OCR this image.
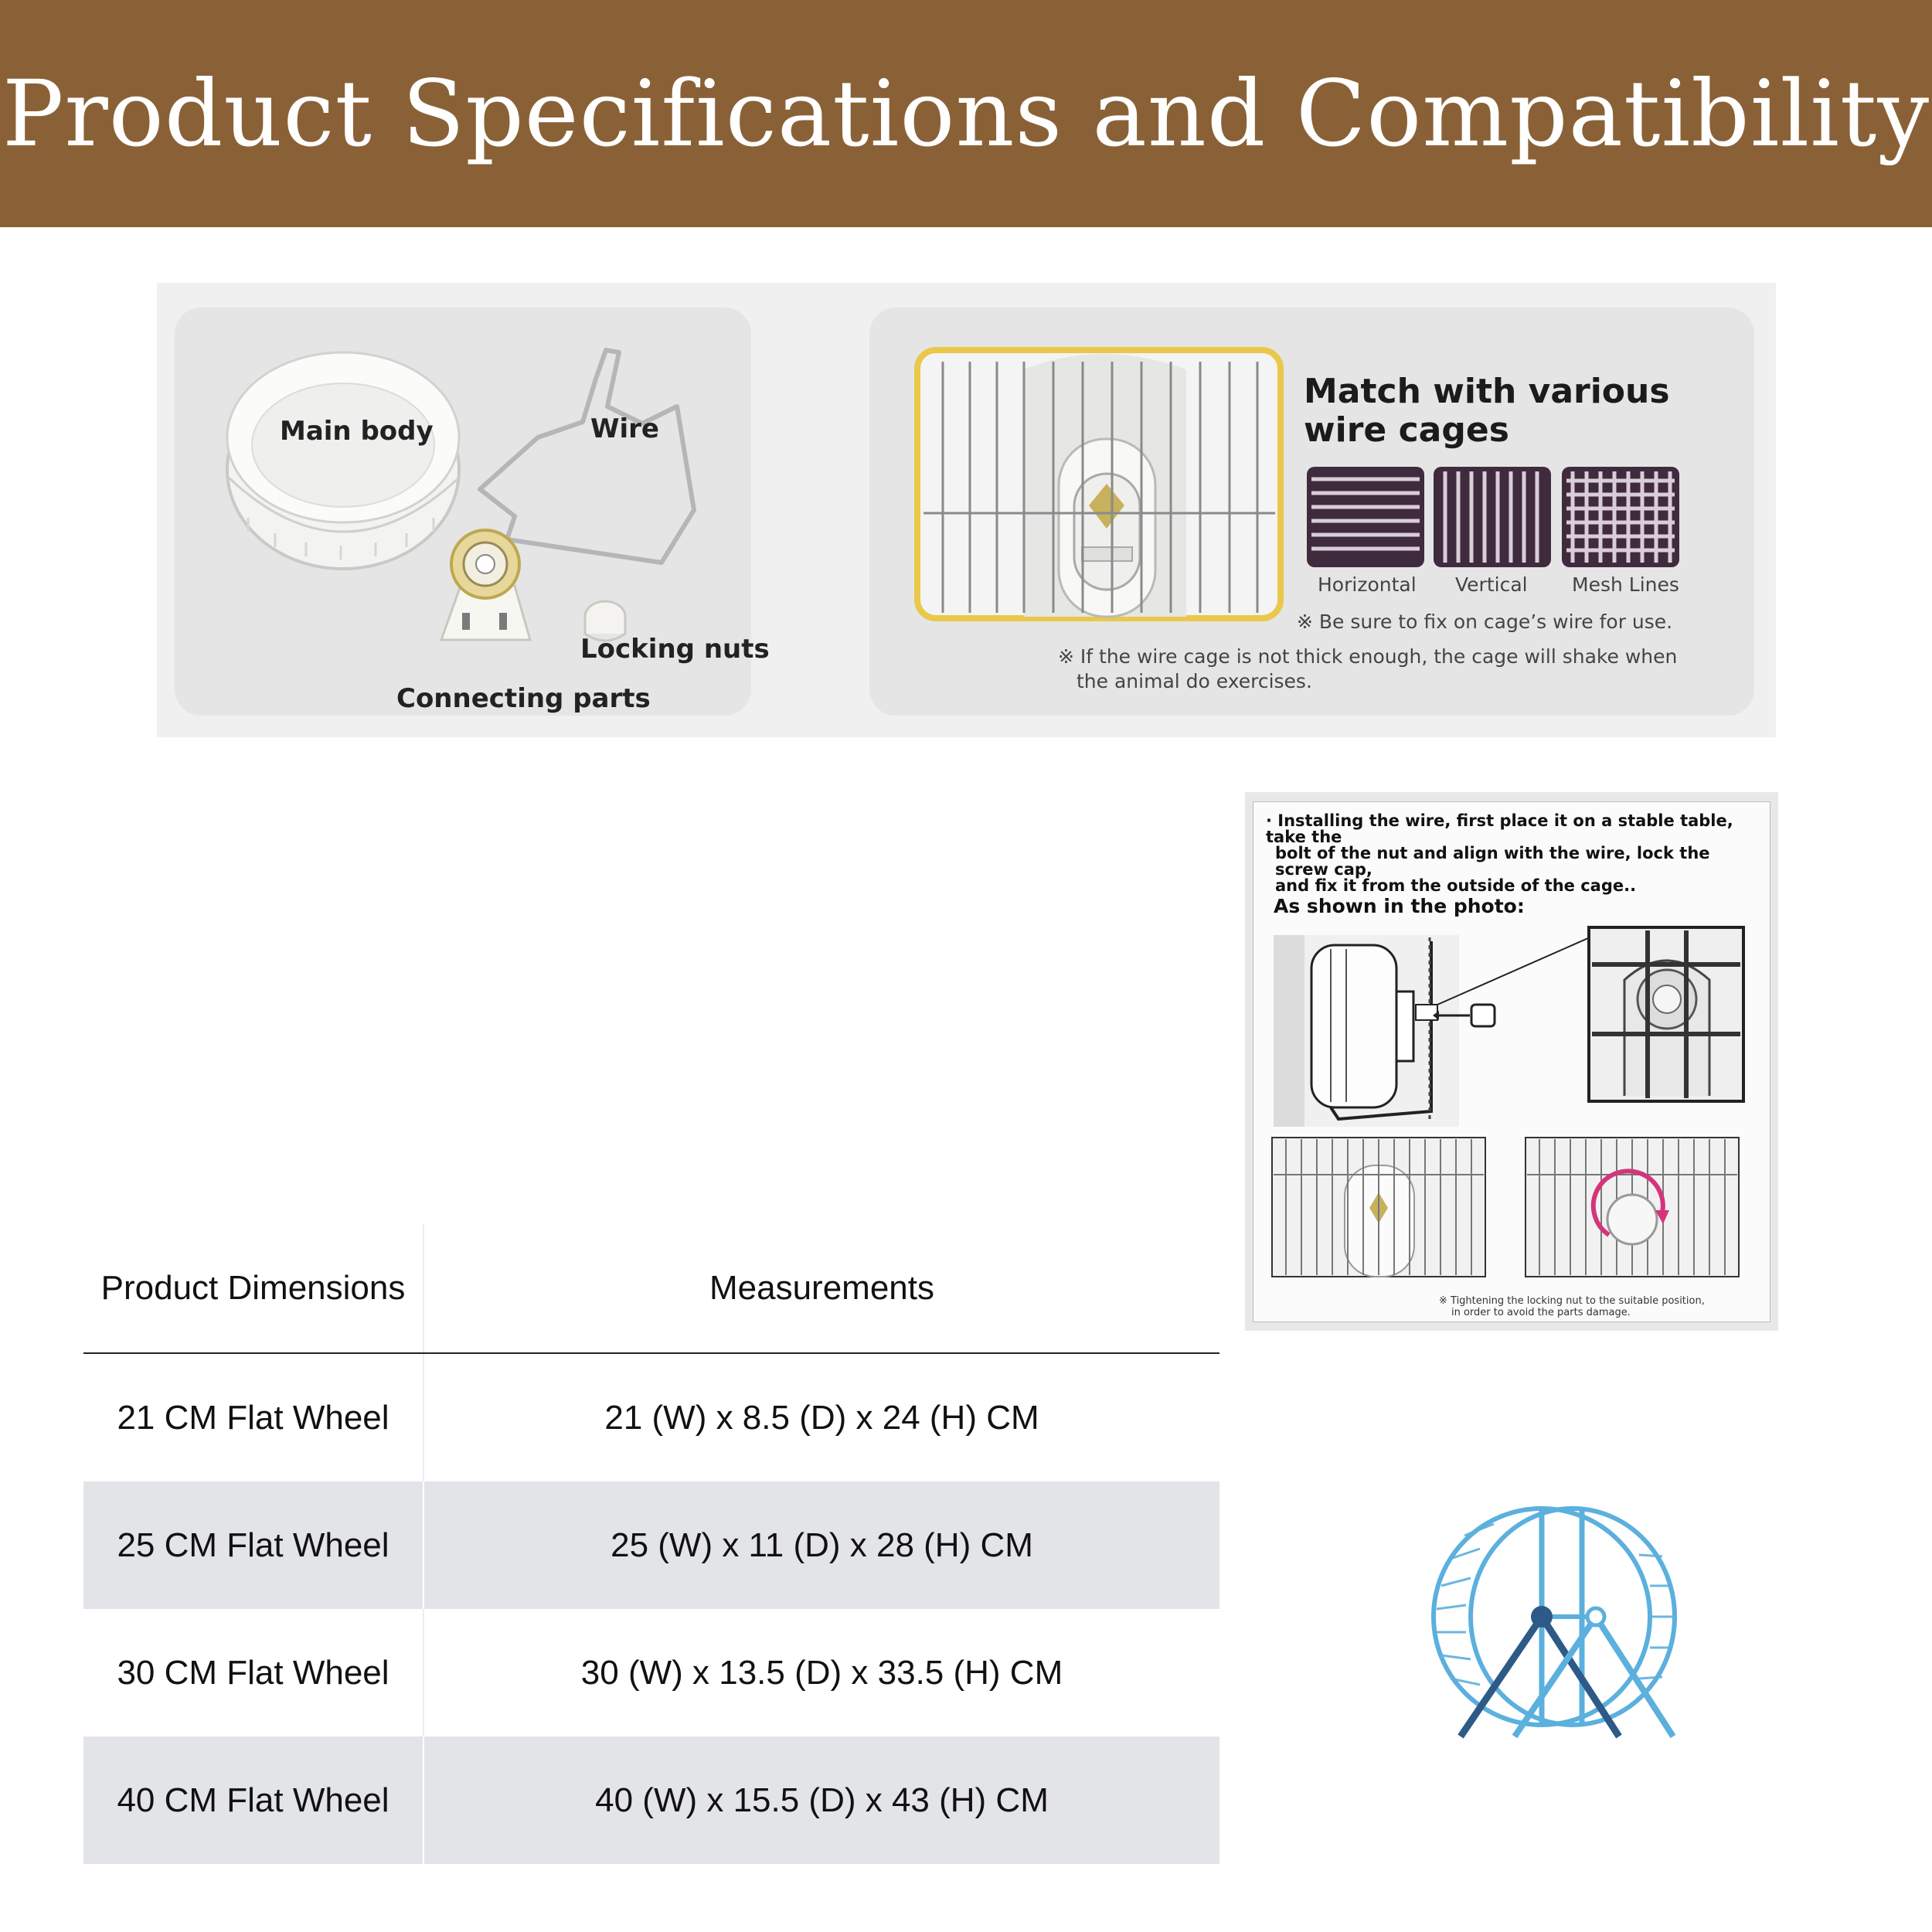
Product Specifications and Compatibility
Main body	Wire
Locking nuts
Connecting parts
Match with various
wire cages
Horizontal Vertical Mesh Lines
※ Be sure to fix on cage’s wire for use.
※ If the wire cage is not thick enough, the cage will shake when
the animal do exercises.
· Installing the wire, first place it on a stable table, take the
bolt of the nut and align with the wire, lock the screw cap,
and fix it from the outside of the cage..
As shown in the photo:
※ Tightening the locking nut to the suitable position,
in order to avoid the parts damage.
Product Dimensions	Measurements
21 CM Flat Wheel	21 (W) x 8.5 (D) x 24 (H) CM
25 CM Flat Wheel	25 (W) x 11 (D) x 28 (H) CM
30 CM Flat Wheel	30 (W) x 13.5 (D) x 33.5 (H) CM
40 CM Flat Wheel	40 (W) x 15.5 (D) x 43 (H) CM
